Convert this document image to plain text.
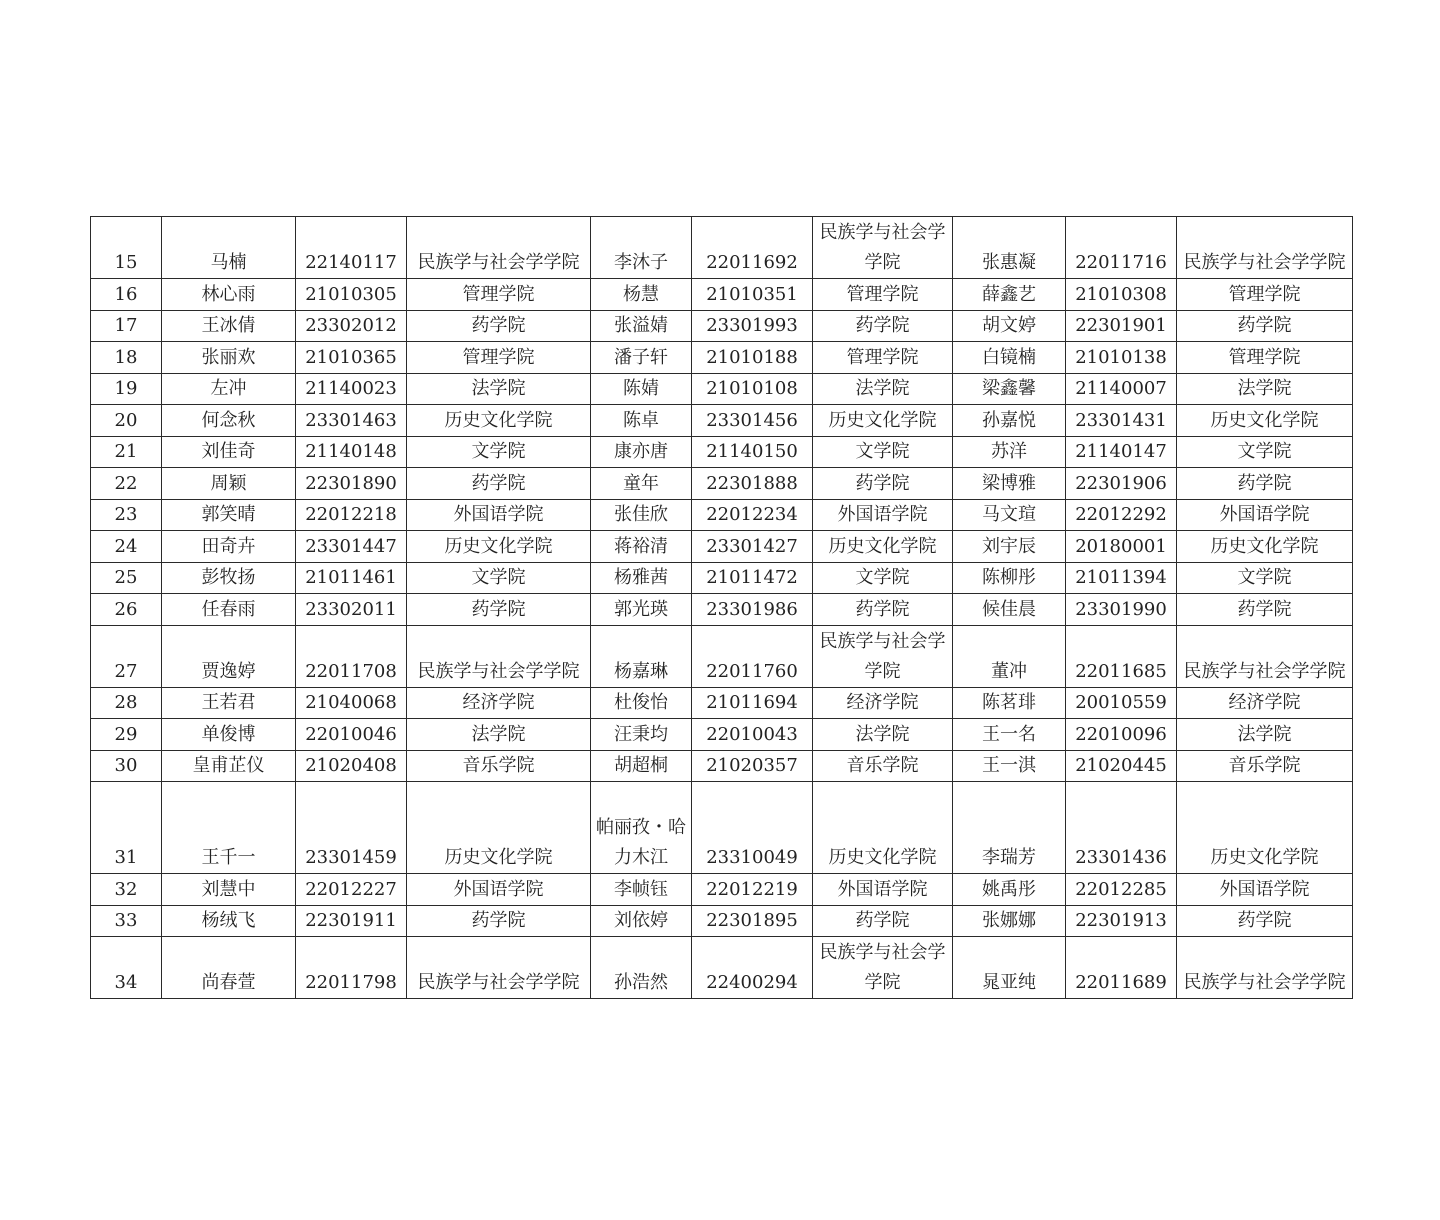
15	马楠	22140117	民族学与社会学学院	李沐子	22011692	民族学与社会学学院	张惠凝	22011716	民族学与社会学学院
16	林心雨	21010305	管理学院	杨慧	21010351	管理学院	薛鑫艺	21010308	管理学院
17	王冰倩	23302012	药学院	张溢婧	23301993	药学院	胡文婷	22301901	药学院
18	张丽欢	21010365	管理学院	潘子轩	21010188	管理学院	白镜楠	21010138	管理学院
19	左冲	21140023	法学院	陈婧	21010108	法学院	梁鑫馨	21140007	法学院
20	何念秋	23301463	历史文化学院	陈卓	23301456	历史文化学院	孙嘉悦	23301431	历史文化学院
21	刘佳奇	21140148	文学院	康亦唐	21140150	文学院	苏洋	21140147	文学院
22	周颖	22301890	药学院	童年	22301888	药学院	梁博雅	22301906	药学院
23	郭笑晴	22012218	外国语学院	张佳欣	22012234	外国语学院	马文瑄	22012292	外国语学院
24	田奇卉	23301447	历史文化学院	蒋裕清	23301427	历史文化学院	刘宇辰	20180001	历史文化学院
25	彭牧扬	21011461	文学院	杨雅茜	21011472	文学院	陈柳彤	21011394	文学院
26	任春雨	23302011	药学院	郭光瑛	23301986	药学院	候佳晨	23301990	药学院
27	贾逸婷	22011708	民族学与社会学学院	杨嘉琳	22011760	民族学与社会学学院	董冲	22011685	民族学与社会学学院
28	王若君	21040068	经济学院	杜俊怡	21011694	经济学院	陈茗琲	20010559	经济学院
29	单俊博	22010046	法学院	汪秉均	22010043	法学院	王一名	22010096	法学院
30	皇甫芷仪	21020408	音乐学院	胡超桐	21020357	音乐学院	王一淇	21020445	音乐学院
31	王千一	23301459	历史文化学院	帕丽孜・哈力木江	23310049	历史文化学院	李瑞芳	23301436	历史文化学院
32	刘慧中	22012227	外国语学院	李帧钰	22012219	外国语学院	姚禹彤	22012285	外国语学院
33	杨绒飞	22301911	药学院	刘依婷	22301895	药学院	张娜娜	22301913	药学院
34	尚春萱	22011798	民族学与社会学学院	孙浩然	22400294	民族学与社会学学院	晁亚纯	22011689	民族学与社会学学院
